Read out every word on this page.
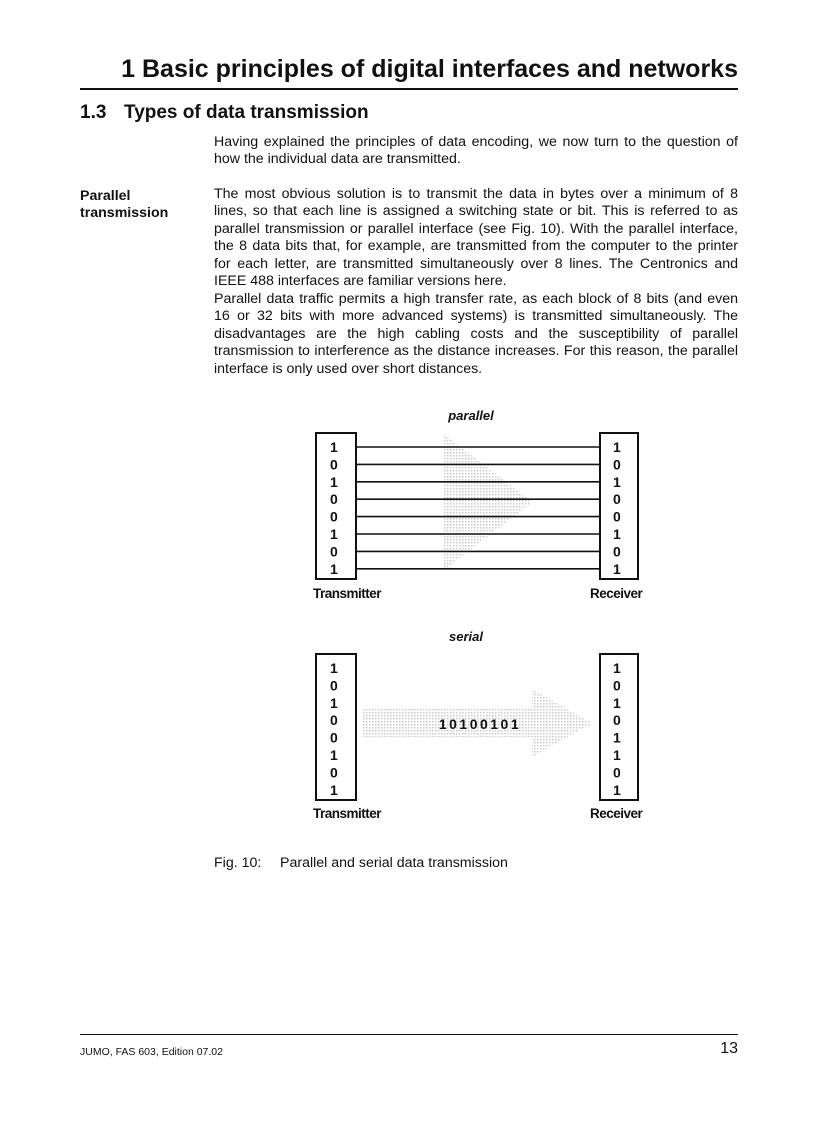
1 Basic principles of digital interfaces and networks
1.3 Types of data transmission

Having explained the principles of data encoding, we now turn to the question of how the individual data are transmitted.

Parallel
transmission

The most obvious solution is to transmit the data in bytes over a minimum of 8 lines, so that each line is assigned a switching state or bit. This is referred to as parallel transmission or parallel interface (see Fig. 10). With the parallel interface, the 8 data bits that, for example, are transmitted from the computer to the printer for each letter, are transmitted simultaneously over 8 lines. The Centronics and IEEE 488 interfaces are familiar versions here.

Parallel data traffic permits a high transfer rate, as each block of 8 bits (and even 16 or 32 bits with more advanced systems) is transmitted simultaneously. The disadvantages are the high cabling costs and the susceptibility of parallel transmission to interference as the distance increases. For this reason, the parallel interface is only used over short distances.

parallel
1
0
1
0
0
1
0
1
1
0
1
0
0
1
0
1
Transmitter	Receiver
serial
10100101
1
0
1
0
0
1
0
1
1
0
1
0
1
1
0
1
Transmitter	Receiver

Fig. 10: Parallel and serial data transmission

JUMO, FAS 603, Edition 07.02	13
